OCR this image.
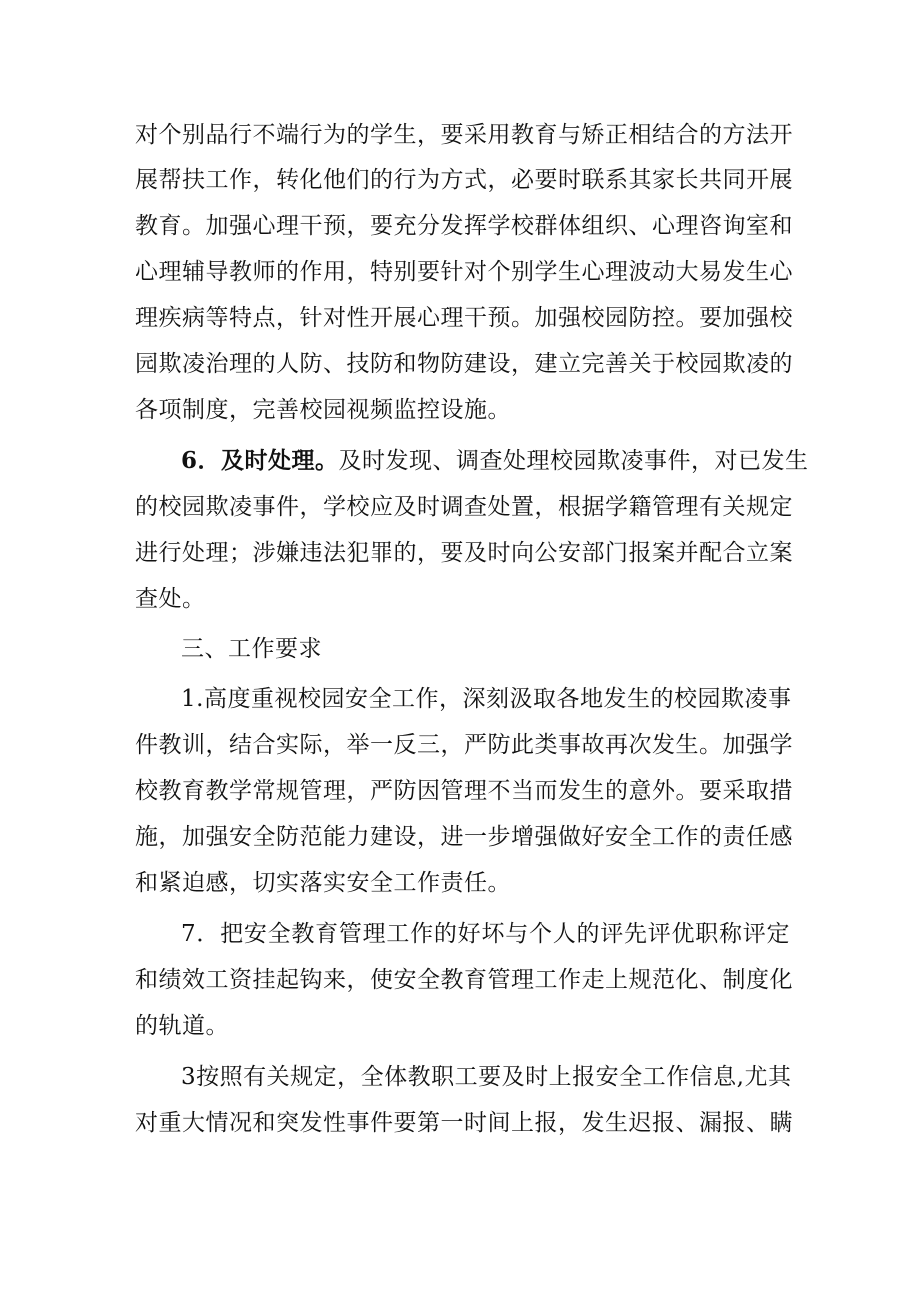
对个别品行不端行为的学生，要采用教育与矫正相结合的方法开
展帮扶工作，转化他们的行为方式，必要时联系其家长共同开展
教育。加强心理干预，要充分发挥学校群体组织、心理咨询室和
心理辅导教师的作用，特别要针对个别学生心理波动大易发生心
理疾病等特点，针对性开展心理干预。加强校园防控。要加强校
园欺凌治理的人防、技防和物防建设，建立完善关于校园欺凌的
各项制度，完善校园视频监控设施。
6．及时处理。及时发现、调查处理校园欺凌事件，对已发生
的校园欺凌事件，学校应及时调查处置，根据学籍管理有关规定
进行处理；涉嫌违法犯罪的，要及时向公安部门报案并配合立案
查处。
三、工作要求
1.高度重视校园安全工作，深刻汲取各地发生的校园欺凌事
件教训，结合实际，举一反三，严防此类事故再次发生。加强学
校教育教学常规管理，严防因管理不当而发生的意外。要采取措
施，加强安全防范能力建设，进一步增强做好安全工作的责任感
和紧迫感，切实落实安全工作责任。
7．把安全教育管理工作的好坏与个人的评先评优职称评定
和绩效工资挂起钩来，使安全教育管理工作走上规范化、制度化
的轨道。
3按照有关规定，全体教职工要及时上报安全工作信息,尤其
对重大情况和突发性事件要第一时间上报，发生迟报、漏报、瞒
